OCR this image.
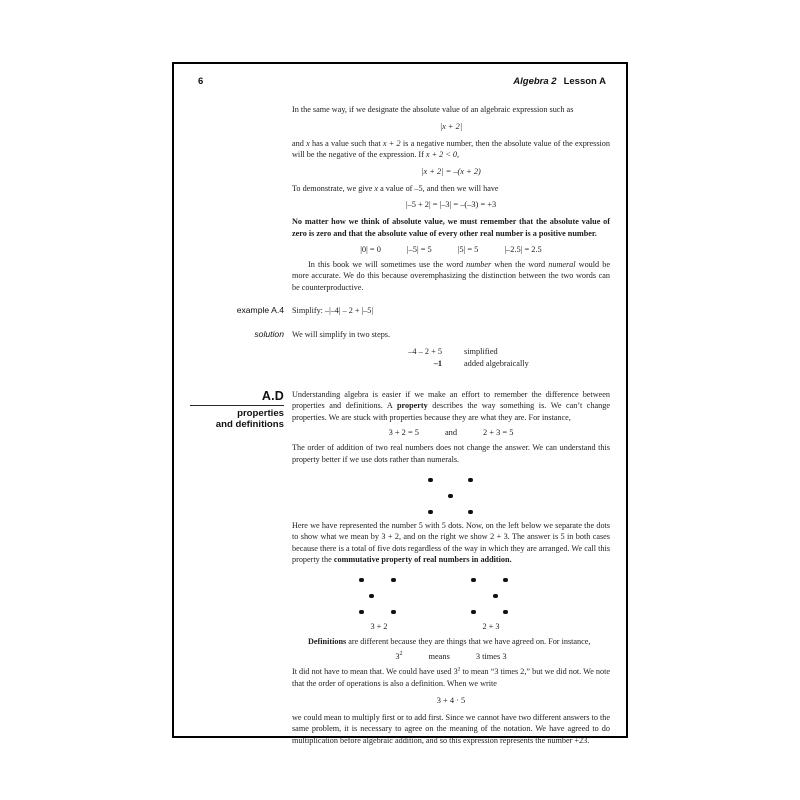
6	Algebra 2 Lesson A

In the same way, if we designate the absolute value of an algebraic expression such as

|x + 2|

and x has a value such that x + 2 is a negative number, then the absolute value of the expression will be the negative of the expression. If x + 2 < 0,

|x + 2| = –(x + 2)

To demonstrate, we give x a value of –5, and then we will have

|–5 + 2| = |–3| = –(–3) = +3

No matter how we think of absolute value, we must remember that the absolute value of zero is zero and that the absolute value of every other real number is a positive number.

|0| = 0	|–5| = 5	|5| = 5	|–2.5| = 2.5

In this book we will sometimes use the word number when the word numeral would be more accurate. We do this because overemphasizing the distinction between the two words can be counterproductive.

example A.4 Simplify: –|–4| – 2 + |–5|
solution We will simplify in two steps.
–4 – 2 + 5	simplified
–1	added algebraically
A.D
properties
and definitions

Understanding algebra is easier if we make an effort to remember the difference between properties and definitions. A property describes the way something is. We can’t change properties. We are stuck with properties because they are what they are. For instance,

3 + 2 = 5	and	2 + 3 = 5

The order of addition of two real numbers does not change the answer. We can understand this property better if we use dots rather than numerals.

Here we have represented the number 5 with 5 dots. Now, on the left below we separate the dots to show what we mean by 3 + 2, and on the right we show 2 + 3. The answer is 5 in both cases because there is a total of five dots regardless of the way in which they are arranged. We call this property the commutative property of real numbers in addition.

3 + 2	2 + 3

Definitions are different because they are things that we have agreed on. For instance,

$3^2$	means	3 times 3

It did not have to mean that. We could have used $3^2$ to mean “3 times 2,” but we did not. We note that the order of operations is also a definition. When we write

3 + 4 · 5

we could mean to multiply first or to add first. Since we cannot have two different answers to the same problem, it is necessary to agree on the meaning of the notation. We have agreed to do multiplication before algebraic addition, and so this expression represents the number +23.
